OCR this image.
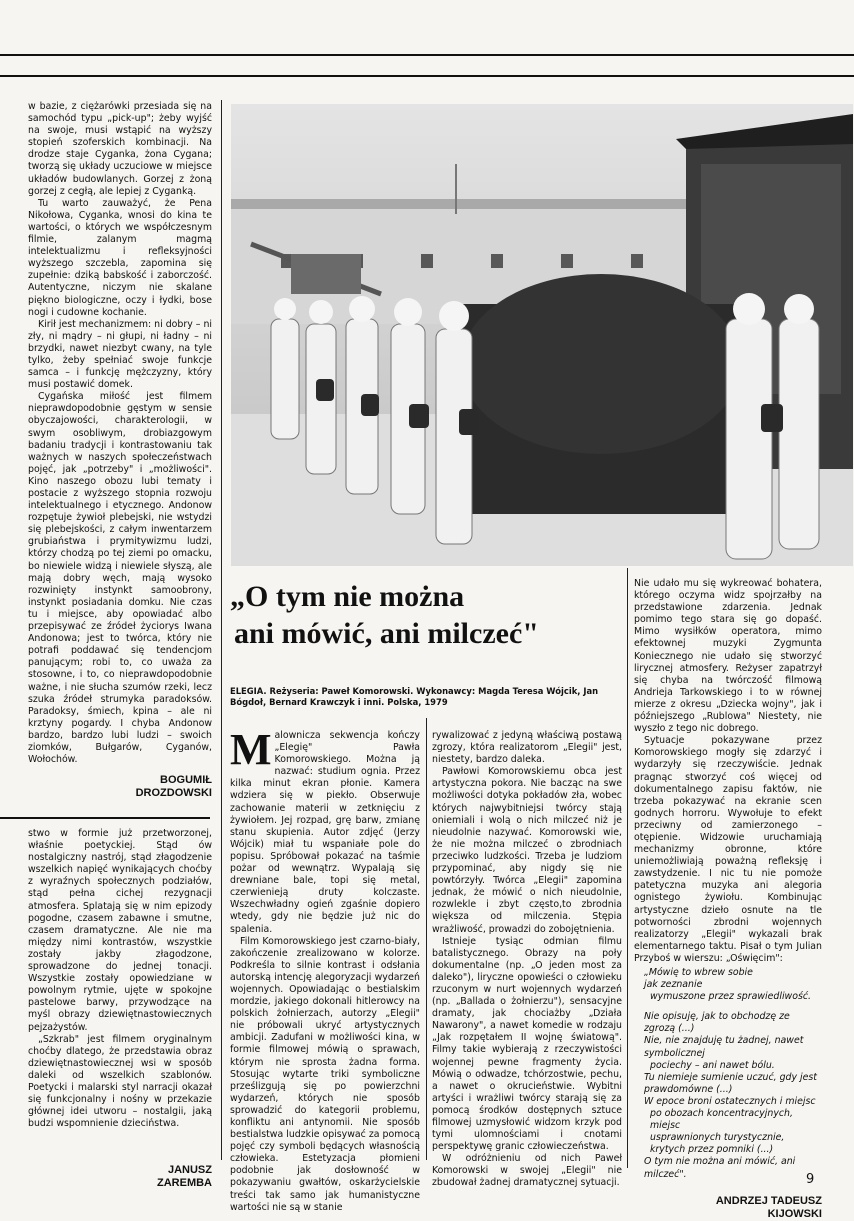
w bazie, z ciężarówki przesiada się na samochód typu „pick-up"; żeby wyjść na swoje, musi wstąpić na wyższy stopień szoferskich kombinacji. Na drodze staje Cyganka, żona Cygana; tworzą się układy uczuciowe w miejsce układów budowlanych. Gorzej z żoną gorzej z cegłą, ale lepiej z Cyganką.

Tu warto zauważyć, że Pena Nikołowa, Cyganka, wnosi do kina te wartości, o których we współczesnym filmie, zalanym magmą intelektualizmu i refleksyjności wyższego szczebla, zapomina się zupełnie: dziką babskość i zaborczość. Autentyczne, niczym nie skalane piękno biologiczne, oczy i łydki, bose nogi i cudowne kochanie.

Kirił jest mechanizmem: ni dobry – ni zły, ni mądry – ni głupi, ni ładny – ni brzydki, nawet niezbyt cwany, na tyle tylko, żeby spełniać swoje funkcje samca – i funkcję mężczyzny, który musi postawić domek.

Cygańska miłość jest filmem nieprawdopodobnie gęstym w sensie obyczajowości, charakterologii, w swym osobliwym, drobiazgowym badaniu tradycji i kontrastowaniu tak ważnych w naszych społeczeństwach pojęć, jak „potrzeby" i „możliwości". Kino naszego obozu lubi tematy i postacie z wyższego stopnia rozwoju intelektualnego i etycznego. Andonow rozpętuje żywioł plebejski, nie wstydzi się plebejskości, z całym inwentarzem grubiaństwa i prymitywizmu ludzi, którzy chodzą po tej ziemi po omacku, bo niewiele widzą i niewiele słyszą, ale mają dobry węch, mają wysoko rozwinięty instynkt samoobrony, instynkt posiadania domku. Nie czas tu i miejsce, aby opowiadać albo przepisywać ze źródeł życiorys Iwana Andonowa; jest to twórca, który nie potrafi poddawać się tendencjom panującym; robi to, co uważa za stosowne, i to, co nieprawdopodobnie ważne, i nie słucha szumów rzeki, lecz szuka źródeł strumyka paradoksów. Paradoksy, śmiech, kpina – ale ni krztyny pogardy. I chyba Andonow bardzo, bardzo lubi ludzi – swoich ziomków, Bułgarów, Cyganów, Wołochów.

BOGUMIŁ
DROZDOWSKI

stwo w formie już przetworzonej, właśnie poetyckiej. Stąd ów nostalgiczny nastrój, stąd złagodzenie wszelkich napięć wynikających choćby z wyraźnych społecznych podziałów, stąd pełna cichej rezygnacji atmosfera. Splatają się w nim epizody pogodne, czasem zabawne i smutne, czasem dramatyczne. Ale nie ma między nimi kontrastów, wszystkie zostały jakby złagodzone, sprowadzone do jednej tonacji. Wszystkie zostały opowiedziane w powolnym rytmie, ujęte w spokojne pastelowe barwy, przywodzące na myśl obrazy dziewiętnastowiecznych pejzażystów.

„Szkrab" jest filmem oryginalnym choćby dlatego, że przedstawia obraz dziewiętnastowiecznej wsi w sposób daleki od wszelkich szablonów. Poetycki i malarski styl narracji okazał się funkcjonalny i nośny w przekazie głównej idei utworu – nostalgii, jaką budzi wspomnienie dzieciństwa.

JANUSZ
ZAREMBA
„O tym nie można
ani mówić, ani milczeć"
ELEGIA. Reżyseria: Paweł Komorowski. Wykonawcy: Magda Teresa Wójcik, Jan Bógdoł, Bernard Krawczyk i inni. Polska, 1979

Malownicza sekwencja kończy „Elegię" Pawła Komorowskiego. Można ją nazwać: studium ognia. Przez kilka minut ekran płonie. Kamera wdziera się w piekło. Obserwuje zachowanie materii w zetknięciu z żywiołem. Jej rozpad, grę barw, zmianę stanu skupienia. Autor zdjęć (Jerzy Wójcik) miał tu wspaniałe pole do popisu. Spróbował pokazać na taśmie pożar od wewnątrz. Wypalają się drewniane bale, topi się metal, czerwienieją druty kolczaste. Wszechwładny ogień zgaśnie dopiero wtedy, gdy nie będzie już nic do spalenia.

Film Komorowskiego jest czarno-biały, zakończenie zrealizowano w kolorze. Podkreśla to silnie kontrast i odsłania autorską intencję alegoryzacji wydarzeń wojennych. Opowiadając o bestialskim mordzie, jakiego dokonali hitlerowcy na polskich żołnierzach, autorzy „Elegii" nie próbowali ukryć artystycznych ambicji. Zadufani w możliwości kina, w formie filmowej mówią o sprawach, którym nie sprosta żadna forma. Stosując wytarte triki symboliczne prześlizgują się po powierzchni wydarzeń, których nie sposób sprowadzić do kategorii problemu, konfliktu ani antynomii. Nie sposób bestialstwa ludzkie opisywać za pomocą pojęć czy symboli będących własnością człowieka. Estetyzacja płomieni podobnie jak dosłowność w pokazywaniu gwałtów, oskarżycielskie treści tak samo jak humanistyczne wartości nie są w stanie

rywalizować z jedyną właściwą postawą zgrozy, która realizatorom „Elegii" jest, niestety, bardzo daleka.

Pawłowi Komorowskiemu obca jest artystyczna pokora. Nie bacząc na swe możliwości dotyka pokładów zła, wobec których najwybitniejsi twórcy stają oniemiali i wolą o nich milczeć niż je nieudolnie nazywać. Komorowski wie, że nie można milczeć o zbrodniach przeciwko ludzkości. Trzeba je ludziom przypominać, aby nigdy się nie powtórzyły. Twórca „Elegii" zapomina jednak, że mówić o nich nieudolnie, rozwlekle i zbyt często,to zbrodnia większa od milczenia. Stępia wrażliwość, prowadzi do zobojętnienia.

Istnieje tysiąc odmian filmu batalistycznego. Obrazy na poły dokumentalne (np. „O jeden most za daleko"), liryczne opowieści o człowieku rzuconym w nurt wojennych wydarzeń (np. „Ballada o żołnierzu"), sensacyjne dramaty, jak chociażby „Działa Nawarony", a nawet komedie w rodzaju „Jak rozpętałem II wojnę światową". Filmy takie wybierają z rzeczywistości wojennej pewne fragmenty życia. Mówią o odwadze, tchórzostwie, pechu, a nawet o okrucieństwie. Wybitni artyści i wrażliwi twórcy starają się za pomocą środków dostępnych sztuce filmowej uzmysłowić widzom krzyk pod tymi ulomnościami i cnotami perspektywę granic człowieczeństwa.

W odróżnieniu od nich Paweł Komorowski w swojej „Elegii" nie zbudował żadnej dramatycznej sytuacji.

Nie udało mu się wykreować bohatera, którego oczyma widz spojrzałby na przedstawione zdarzenia. Jednak pomimo tego stara się go dopaść. Mimo wysiłków operatora, mimo efektownej muzyki Zygmunta Koniecznego nie udało się stworzyć lirycznej atmosfery. Reżyser zapatrzył się chyba na twórczość filmową Andrieja Tarkowskiego i to w równej mierze z okresu „Dziecka wojny", jak i późniejszego „Rublowa" Niestety, nie wyszło z tego nic dobrego.

Sytuacje pokazywane przez Komorowskiego mogły się zdarzyć i wydarzyły się rzeczywiście. Jednak pragnąc stworzyć coś więcej od dokumentalnego zapisu faktów, nie trzeba pokazywać na ekranie scen godnych horroru. Wywołuje to efekt przeciwny od zamierzonego – otępienie. Widzowie uruchamiają mechanizmy obronne, które uniemożliwiają poważną refleksję i zawstydzenie. I nic tu nie pomoże patetyczna muzyka ani alegoria ognistego żywiołu. Kombinując artystyczne dzieło osnute na tle potworności zbrodni wojennych realizatorzy „Elegii" wykazali brak elementarnego taktu. Pisał o tym Julian Przyboś w wierszu: „Oświęcim":

„Mówię to wbrew sobie

jak zeznanie

wymuszone przez sprawiedliwość.

Nie opisuję, jak to obchodzę ze zgrozą (...)

Nie, nie znajduję tu żadnej, nawet symbolicznej

pociechy – ani nawet bólu.

Tu niemieje sumienie uczuć, gdy jest prawdomówne (...)

W epoce broni ostatecznych i miejsc

po obozach koncentracyjnych, miejsc

usprawnionych turystycznie, krytych przez pomniki (...)

O tym nie można ani mówić, ani milczeć".

ANDRZEJ TADEUSZ
KIJOWSKI
9
